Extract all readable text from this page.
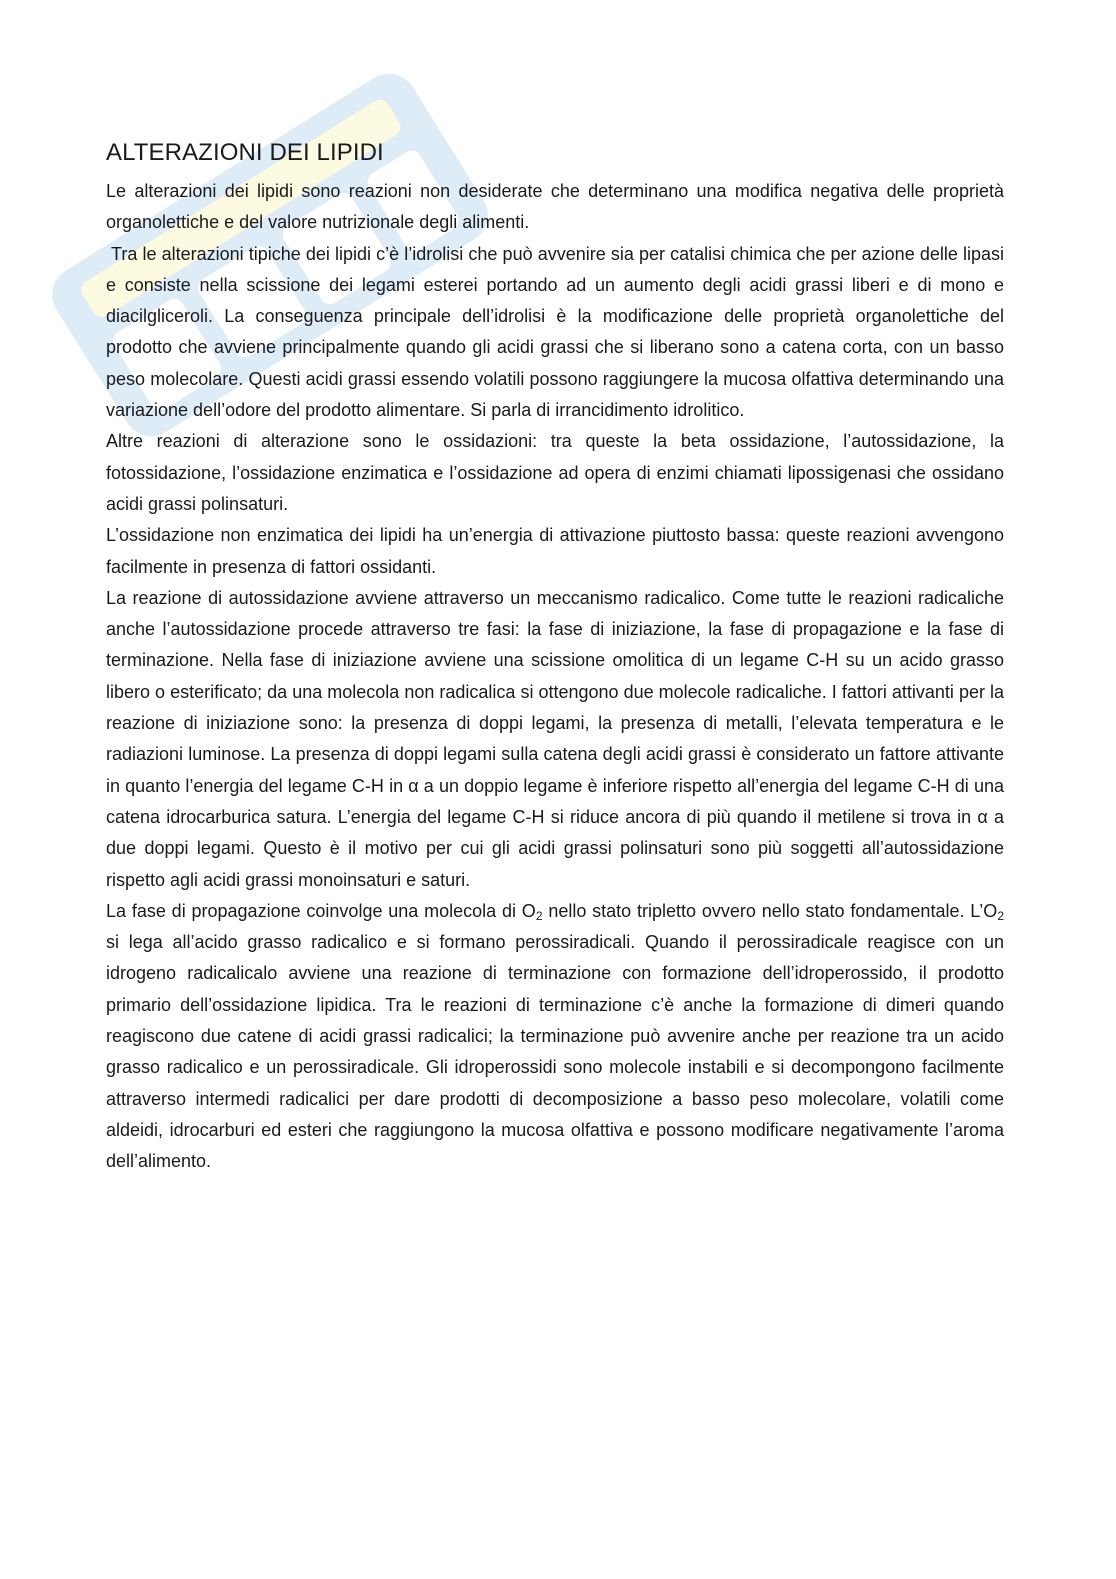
ALTERAZIONI DEI LIPIDI

Le alterazioni dei lipidi sono reazioni non desiderate che determinano una modifica negativa delle proprietà organolettiche e del valore nutrizionale degli alimenti.

Tra le alterazioni tipiche dei lipidi c’è l’idrolisi che può avvenire sia per catalisi chimica che per azione delle lipasi e consiste nella scissione dei legami esterei portando ad un aumento degli acidi grassi liberi e di mono e diacilgliceroli. La conseguenza principale dell’idrolisi è la modificazione delle proprietà organolettiche del prodotto che avviene principalmente quando gli acidi grassi che si liberano sono a catena corta, con un basso peso molecolare. Questi acidi grassi essendo volatili possono raggiungere la mucosa olfattiva determinando una variazione dell’odore del prodotto alimentare. Si parla di irrancidimento idrolitico.

Altre reazioni di alterazione sono le ossidazioni: tra queste la beta ossidazione, l’autossidazione, la fotossidazione, l’ossidazione enzimatica e l’ossidazione ad opera di enzimi chiamati lipossigenasi che ossidano acidi grassi polinsaturi.

L’ossidazione non enzimatica dei lipidi ha un’energia di attivazione piuttosto bassa: queste reazioni avvengono facilmente in presenza di fattori ossidanti.

La reazione di autossidazione avviene attraverso un meccanismo radicalico. Come tutte le reazioni radicaliche anche l’autossidazione procede attraverso tre fasi: la fase di iniziazione, la fase di propagazione e la fase di terminazione. Nella fase di iniziazione avviene una scissione omolitica di un legame C-H su un acido grasso libero o esterificato; da una molecola non radicalica si ottengono due molecole radicaliche. I fattori attivanti per la reazione di iniziazione sono: la presenza di doppi legami, la presenza di metalli, l’elevata temperatura e le radiazioni luminose. La presenza di doppi legami sulla catena degli acidi grassi è considerato un fattore attivante in quanto l’energia del legame C-H in α a un doppio legame è inferiore rispetto all’energia del legame C-H di una catena idrocarburica satura. L’energia del legame C-H si riduce ancora di più quando il metilene si trova in α a due doppi legami. Questo è il motivo per cui gli acidi grassi polinsaturi sono più soggetti all’autossidazione rispetto agli acidi grassi monoinsaturi e saturi.

La fase di propagazione coinvolge una molecola di $O_2$ nello stato tripletto ovvero nello stato fondamentale. $L’O_2$ si lega all’acido grasso radicalico e si formano perossiradicali. Quando il perossiradicale reagisce con un idrogeno radicalicalo avviene una reazione di terminazione con formazione dell’idroperossido, il prodotto primario dell’ossidazione lipidica. Tra le reazioni di terminazione c’è anche la formazione di dimeri quando reagiscono due catene di acidi grassi radicalici; la terminazione può avvenire anche per reazione tra un acido grasso radicalico e un perossiradicale. Gli idroperossidi sono molecole instabili e si decompongono facilmente attraverso intermedi radicalici per dare prodotti di decomposizione a basso peso molecolare, volatili come aldeidi, idrocarburi ed esteri che raggiungono la mucosa olfattiva e possono modificare negativamente l’aroma dell’alimento.
